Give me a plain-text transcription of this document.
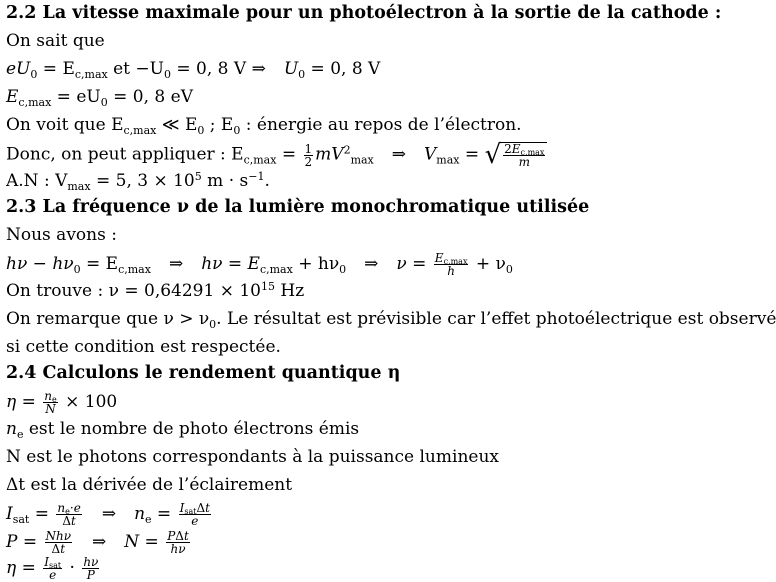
2.2 La vitesse maximale pour un photoélectron à la sortie de la cathode :
On sait que
$eU_0 = E_{c,max}$ et $-U_0 = 0$, 8 V ⇒ $U_0 = 0$, 8 V
$E_{c,max} = eU_0 = 0$, 8 eV
On voit que $E_{c,max}$ ≪ $E_0$ ; $E_0$ : énergie au repos de l’électron.
Donc, on peut appliquer : $E_{c,max} = \frac{1}{2} mV^2_{max}$ ⇒ $V_{max}$ = √ $\frac{2E_{c,max}}{m}$
A.N : $V_{max} = 5$, $3 \times 10^5$ $m \cdot s^{-1}$.
2.3 La fréquence ν de la lumière monochromatique utilisée
Nous avons :
$h\nu - h\nu_0 = E_{c,max}$ ⇒ $h\nu = E_{c,max} + h\nu_0$ ⇒ $\nu = \frac{E_{c,max}}{h} + \nu_0$
On trouve : $\nu = 0,64291 \times 10^{15}$ Hz
On remarque que $\nu > \nu_0$. Le résultat est prévisible car l’effet photoélectrique est observé
si cette condition est respectée.
2.4 Calculons le rendement quantique η
$\eta = \frac{n_e}{N} \times 100$
$n_e$ est le nombre de photo électrons émis
N est le photons correspondants à la puissance lumineux
Δt est la dérivée de l’éclairement
$I_{sat} = \frac{n_e\cdot e}{\Delta t}$ ⇒ $n_e = \frac{I_{sat}\Delta t}{e}$
$P = \frac{\text{Nhν}}{\Delta t}$ ⇒ $N = \frac{\text{PΔt}}{h\nu}$
$\eta = \frac{I_{sat}}{e} \cdot \frac{h\nu}{P}$
